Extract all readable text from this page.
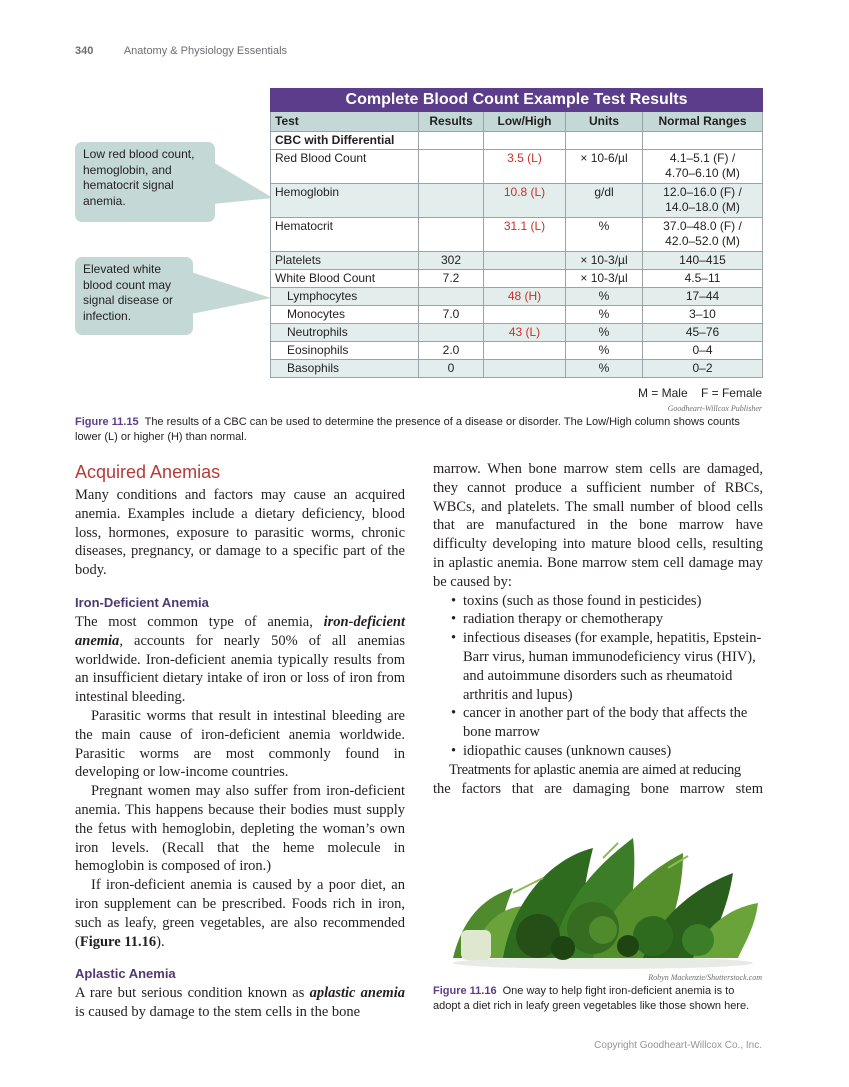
340	Anatomy & Physiology Essentials
Low red blood count, hemoglobin, and hematocrit signal anemia.
Elevated white blood count may signal disease or infection.
Complete Blood Count Example Test Results				
Test	Results	Low/High	Units	Normal Ranges
CBC with Differential				
Red Blood Count		3.5 (L)	× 10-6/µl	4.1–5.1 (F) /
4.70–6.10 (M)

Hemoglobin		10.8 (L)	g/dl	12.0–16.0 (F) /
14.0–18.0 (M)

Hematocrit		31.1 (L)	%	37.0–48.0 (F) /
42.0–52.0 (M)

Platelets	302		× 10-3/µl	140–415
White Blood Count	7.2		× 10-3/µl	4.5–11
Lymphocytes		48 (H)	%	17–44
Monocytes	7.0		%	3–10
Neutrophils		43 (L)	%	45–76
Eosinophils	2.0		%	0–4
Basophils	0		%	0–2
M = Male    F = Female
Goodheart-Willcox Publisher
Figure 11.15 The results of a CBC can be used to determine the presence of a disease or disorder. The Low/High column shows counts lower (L) or higher (H) than normal.
Acquired Anemias

Many conditions and factors may cause an acquired anemia. Examples include a dietary deficiency, blood loss, hormones, exposure to parasitic worms, chronic diseases, pregnancy, or damage to a specific part of the body.

Iron-Deficient Anemia

The most common type of anemia, iron-deficient anemia, accounts for nearly 50% of all anemias worldwide. Iron-deficient anemia typically results from an insufficient dietary intake of iron or loss of iron from intestinal bleeding.

Parasitic worms that result in intestinal bleeding are the main cause of iron-deficient anemia worldwide. Parasitic worms are most commonly found in developing or low-income countries.

Pregnant women may also suffer from iron-deficient anemia. This happens because their bodies must supply the fetus with hemoglobin, depleting the woman’s own iron levels. (Recall that the heme molecule in hemoglobin is composed of iron.)

If iron-deficient anemia is caused by a poor diet, an iron supplement can be prescribed. Foods rich in iron, such as leafy, green vegetables, are also recommended (Figure 11.16).

Aplastic Anemia

A rare but serious condition known as aplastic anemia is caused by damage to the stem cells in the bone

marrow. When bone marrow stem cells are damaged, they cannot produce a sufficient number of RBCs, WBCs, and platelets. The small number of blood cells that are manufactured in the bone marrow have difficulty developing into mature blood cells, resulting in aplastic anemia. Bone marrow stem cell damage may be caused by:

• toxins (such as those found in pesticides)
• radiation therapy or chemotherapy
• infectious diseases (for example, hepatitis, Epstein-Barr virus, human immunodeficiency virus (HIV), and autoimmune disorders such as rheumatoid arthritis and lupus)
• cancer in another part of the body that affects the bone marrow
• idiopathic causes (unknown causes)

Treatments for aplastic anemia are aimed at reducing

the factors that are damaging bone marrow stem

Robyn Mackenzie/Shutterstock.com
Figure 11.16 One way to help fight iron-deficient anemia is to adopt a diet rich in leafy green vegetables like those shown here.
Copyright Goodheart-Willcox Co., Inc.
